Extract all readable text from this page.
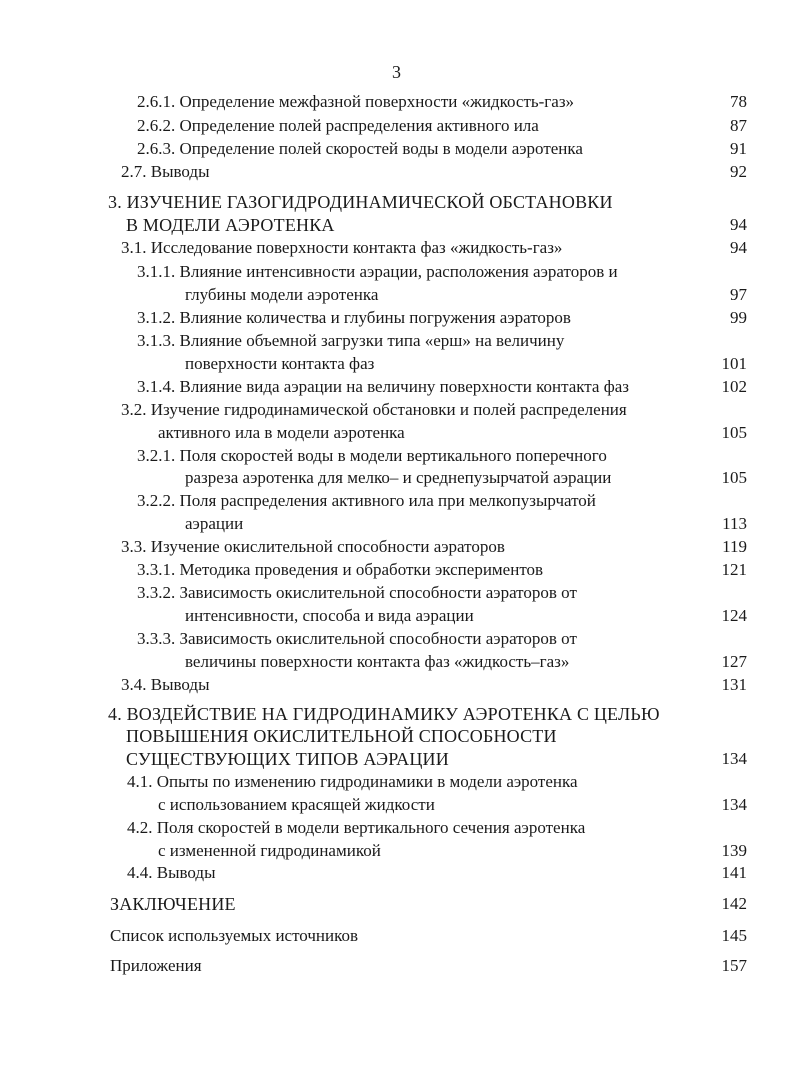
3
2.6.1. Определение межфазной поверхности «жидкость-газ»	78
2.6.2. Определение полей распределения активного ила	87
2.6.3. Определение полей скоростей воды в модели аэротенка	91
2.7. Выводы	92
3. ИЗУЧЕНИЕ ГАЗОГИДРОДИНАМИЧЕСКОЙ ОБСТАНОВКИ
В МОДЕЛИ АЭРОТЕНКА	94
3.1. Исследование поверхности контакта фаз «жидкость-газ»	94
3.1.1. Влияние интенсивности аэрации, расположения аэраторов и
глубины модели аэротенка	97
3.1.2. Влияние количества и глубины погружения аэраторов	99
3.1.3. Влияние объемной загрузки типа «ерш» на величину
поверхности контакта фаз	101
3.1.4. Влияние вида аэрации на величину поверхности контакта фаз	102
3.2. Изучение гидродинамической обстановки и полей распределения
активного ила в модели аэротенка	105
3.2.1. Поля скоростей воды в модели вертикального поперечного
разреза аэротенка для мелко– и среднепузырчатой аэрации	105
3.2.2. Поля распределения активного ила при мелкопузырчатой
аэрации	113
3.3. Изучение окислительной способности аэраторов	119
3.3.1. Методика проведения и обработки экспериментов	121
3.3.2. Зависимость окислительной способности аэраторов от
интенсивности, способа и вида аэрации	124
3.3.3. Зависимость окислительной способности аэраторов от
величины поверхности контакта фаз «жидкость–газ»	127
3.4. Выводы	131
4. ВОЗДЕЙСТВИЕ НА ГИДРОДИНАМИКУ АЭРОТЕНКА С ЦЕЛЬЮ
ПОВЫШЕНИЯ ОКИСЛИТЕЛЬНОЙ СПОСОБНОСТИ
СУЩЕСТВУЮЩИХ ТИПОВ АЭРАЦИИ	134
4.1. Опыты по изменению гидродинамики в модели аэротенка
с использованием красящей жидкости	134
4.2. Поля скоростей в модели вертикального сечения аэротенка
с измененной гидродинамикой	139
4.4. Выводы	141
ЗАКЛЮЧЕНИЕ	142
Список используемых источников	145
Приложения	157
